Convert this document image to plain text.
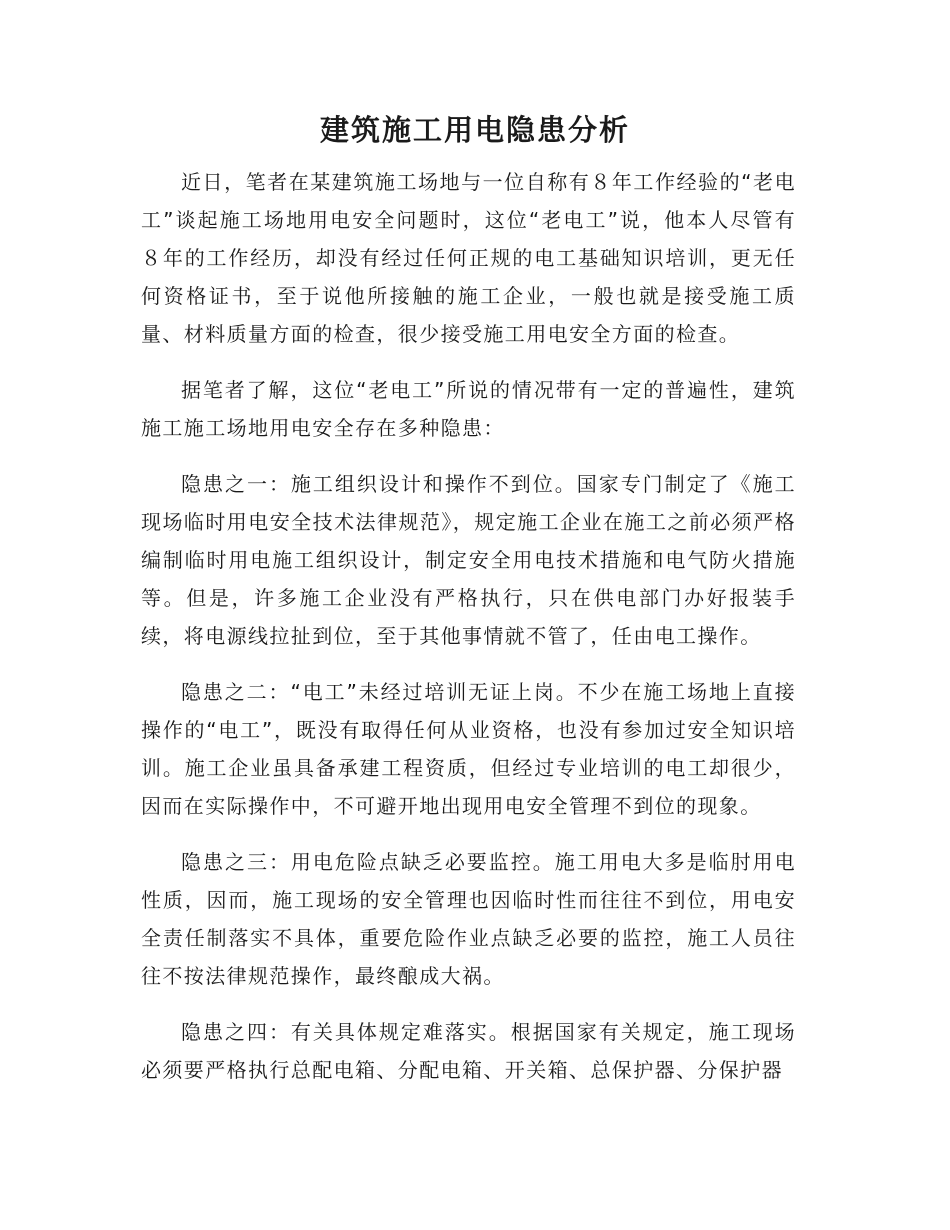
建筑施工用电隐患分析

近日，笔者在某建筑施工场地与一位自称有８年工作经验的“老电工”谈起施工场地用电安全问题时，这位“老电工”说，他本人尽管有８年的工作经历，却没有经过任何正规的电工基础知识培训，更无任何资格证书，至于说他所接触的施工企业，一般也就是接受施工质量、材料质量方面的检查，很少接受施工用电安全方面的检查。

据笔者了解，这位“老电工”所说的情况带有一定的普遍性，建筑施工施工场地用电安全存在多种隐患：

隐患之一：施工组织设计和操作不到位。国家专门制定了《施工现场临时用电安全技术法律规范》，规定施工企业在施工之前必须严格编制临时用电施工组织设计，制定安全用电技术措施和电气防火措施等。但是，许多施工企业没有严格执行，只在供电部门办好报装手续，将电源线拉扯到位，至于其他事情就不管了，任由电工操作。

隐患之二：“电工”未经过培训无证上岗。不少在施工场地上直接操作的“电工”，既没有取得任何从业资格，也没有参加过安全知识培训。施工企业虽具备承建工程资质，但经过专业培训的电工却很少，因而在实际操作中，不可避开地出现用电安全管理不到位的现象。

隐患之三：用电危险点缺乏必要监控。施工用电大多是临肘用电性质，因而，施工现场的安全管理也因临时性而往往不到位，用电安全责任制落实不具体，重要危险作业点缺乏必要的监控，施工人员往往不按法律规范操作，最终酿成大祸。

隐患之四：有关具体规定难落实。根据国家有关规定，施工现场必须要严格执行总配电箱、分配电箱、开关箱、总保护器、分保护器
